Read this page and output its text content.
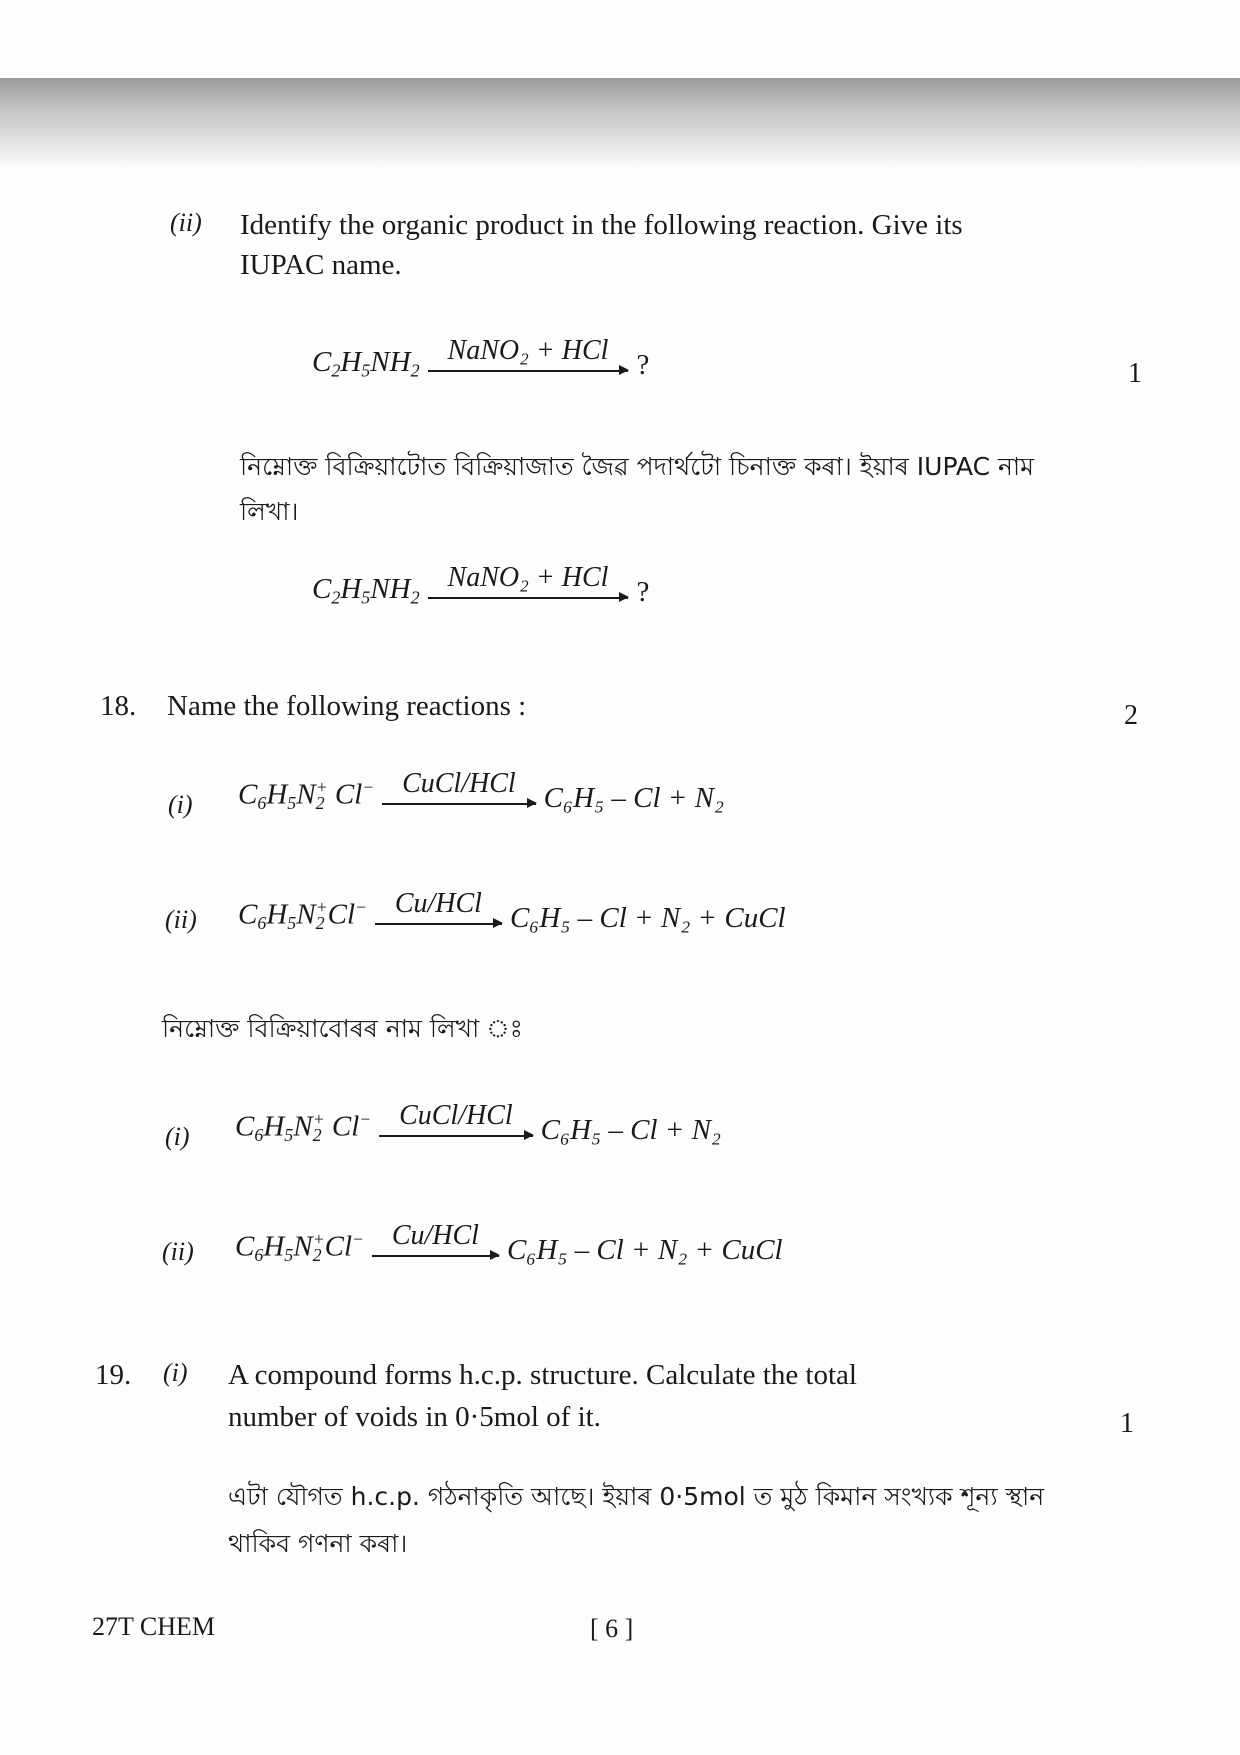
(ii) Identify the organic product in the following reaction. Give its
IUPAC name.
$C_2H_5NH_2$
NaNO₂ + HCl ?	1
নিম্নোক্ত বিক্রিয়াটোত বিক্রিয়াজাত জৈৱ পদাৰ্থটো চিনাক্ত কৰা। ইয়াৰ IUPAC নাম
লিখা।
$C_2H_5NH_2$
NaNO₂ + HCl ?
18. Name the following reactions :	2
(i) $C_6H_5N_2^+$ Cl−	CuCl/HCl C₆H₅ – Cl + N₂
(ii) $C_6H_5N_2^+Cl^-$	Cu/HCl C₆H₅ – Cl + N₂ + CuCl
নিম্নোক্ত বিক্রিয়াবোৰৰ নাম লিখা ঃ
(i) $C_6H_5N_2^+$ Cl−	CuCl/HCl C₆H₅ – Cl + N₂
(ii) $C_6H_5N_2^+Cl^-$	Cu/HCl C₆H₅ – Cl + N₂ + CuCl
19. (i) A compound forms h.c.p. structure. Calculate the total
number of voids in 0·5mol of it.	1
এটা যৌগত h.c.p. গঠনাকৃতি আছে। ইয়াৰ 0·5mol ত মুঠ কিমান সংখ্যক শূন্য স্থান
থাকিব গণনা কৰা।
27T CHEM	[ 6 ]
